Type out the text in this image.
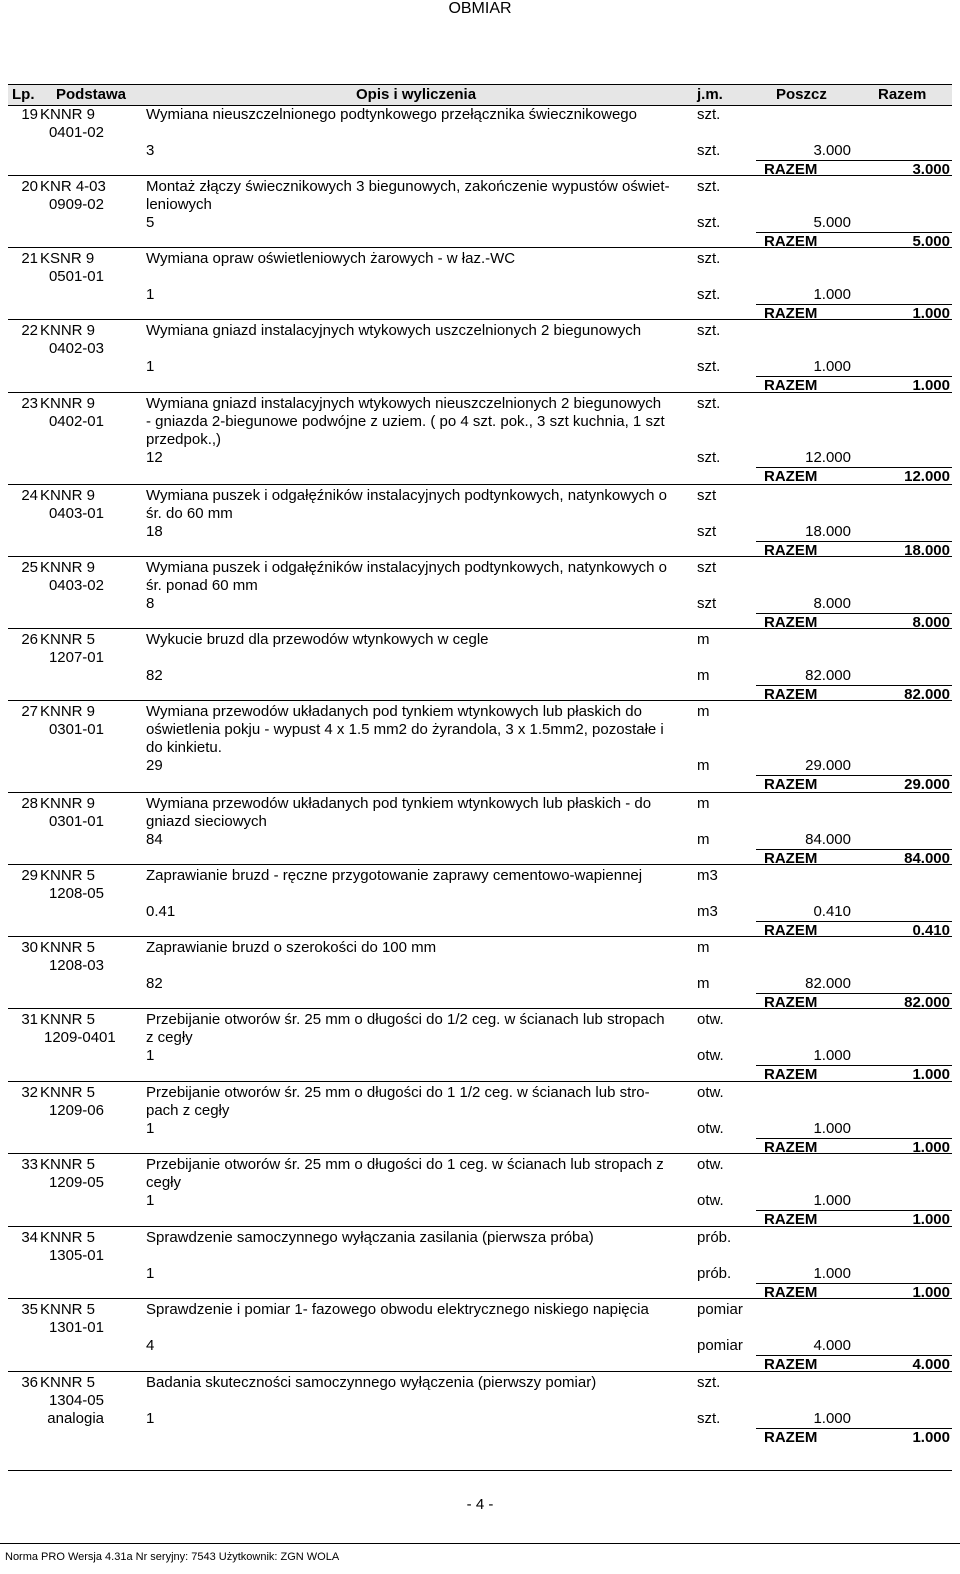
OBMIAR
Lp. Podstawa	Opis i wyliczenia	j.m.	Poszcz	Razem
19 KNNR 9
0401-02
Wymiana nieuszczelnionego podtynkowego przełącznika świecznikowego	szt.
3	szt.	3.000
RAZEM	3.000
20 KNR 4-03
0909-02
Montaż złączy świecznikowych 3 biegunowych, zakończenie wypustów oświet-
leniowych
szt.
5	szt.	5.000
RAZEM	5.000
21 KSNR 9
0501-01
Wymiana opraw oświetleniowych żarowych - w łaz.-WC	szt.
1	szt.	1.000
RAZEM	1.000
22 KNNR 9
0402-03
Wymiana gniazd instalacyjnych wtykowych uszczelnionych 2 biegunowych	szt.
1	szt.	1.000
RAZEM	1.000
23 KNNR 9
0402-01
Wymiana gniazd instalacyjnych wtykowych nieuszczelnionych 2 biegunowych
- gniazda 2-biegunowe podwójne z uziem. ( po 4 szt. pok., 3 szt kuchnia, 1 szt
przedpok.,)
szt.
12	szt.	12.000
RAZEM	12.000
24 KNNR 9
0403-01
Wymiana puszek i odgałęźników instalacyjnych podtynkowych, natynkowych o
śr. do 60 mm
szt
18	szt	18.000
RAZEM	18.000
25 KNNR 9
0403-02
Wymiana puszek i odgałęźników instalacyjnych podtynkowych, natynkowych o
śr. ponad 60 mm
szt
8	szt	8.000
RAZEM	8.000
26 KNNR 5
1207-01
Wykucie bruzd dla przewodów wtynkowych w cegle	m
82	m	82.000
RAZEM	82.000
27 KNNR 9
0301-01
Wymiana przewodów układanych pod tynkiem wtynkowych lub płaskich do
oświetlenia pokju - wypust 4 x 1.5 mm2 do żyrandola, 3 x 1.5mm2, pozostałe i
do kinkietu.
m
29	m	29.000
RAZEM	29.000
28 KNNR 9
0301-01
Wymiana przewodów układanych pod tynkiem wtynkowych lub płaskich - do
gniazd sieciowych
m
84	m	84.000
RAZEM	84.000
29 KNNR 5
1208-05
Zaprawianie bruzd - ręczne przygotowanie zaprawy cementowo-wapiennej	m3
0.41	m3	0.410
RAZEM	0.410
30 KNNR 5
1208-03
Zaprawianie bruzd o szerokości do 100 mm	m
82	m	82.000
RAZEM	82.000
31 KNNR 5
1209-0401
Przebijanie otworów śr. 25 mm o długości do 1/2 ceg. w ścianach lub stropach
z cegły
otw.
1	otw.	1.000
RAZEM	1.000
32 KNNR 5
1209-06
Przebijanie otworów śr. 25 mm o długości do 1 1/2 ceg. w ścianach lub stro-
pach z cegły
otw.
1	otw.	1.000
RAZEM	1.000
33 KNNR 5
1209-05
Przebijanie otworów śr. 25 mm o długości do 1 ceg. w ścianach lub stropach z
cegły
otw.
1	otw.	1.000
RAZEM	1.000
34 KNNR 5
1305-01
Sprawdzenie samoczynnego wyłączania zasilania (pierwsza próba)	prób.
1	prób.	1.000
RAZEM	1.000
35 KNNR 5
1301-01
Sprawdzenie i pomiar 1- fazowego obwodu elektrycznego niskiego napięcia	pomiar
4	pomiar	4.000
RAZEM	4.000
36 KNNR 5
1304-05
analogia
Badania skuteczności samoczynnego wyłączenia (pierwszy pomiar)	szt.
1	szt.	1.000
RAZEM	1.000
- 4 -
Norma PRO Wersja 4.31a Nr seryjny: 7543 Użytkownik: ZGN WOLA
